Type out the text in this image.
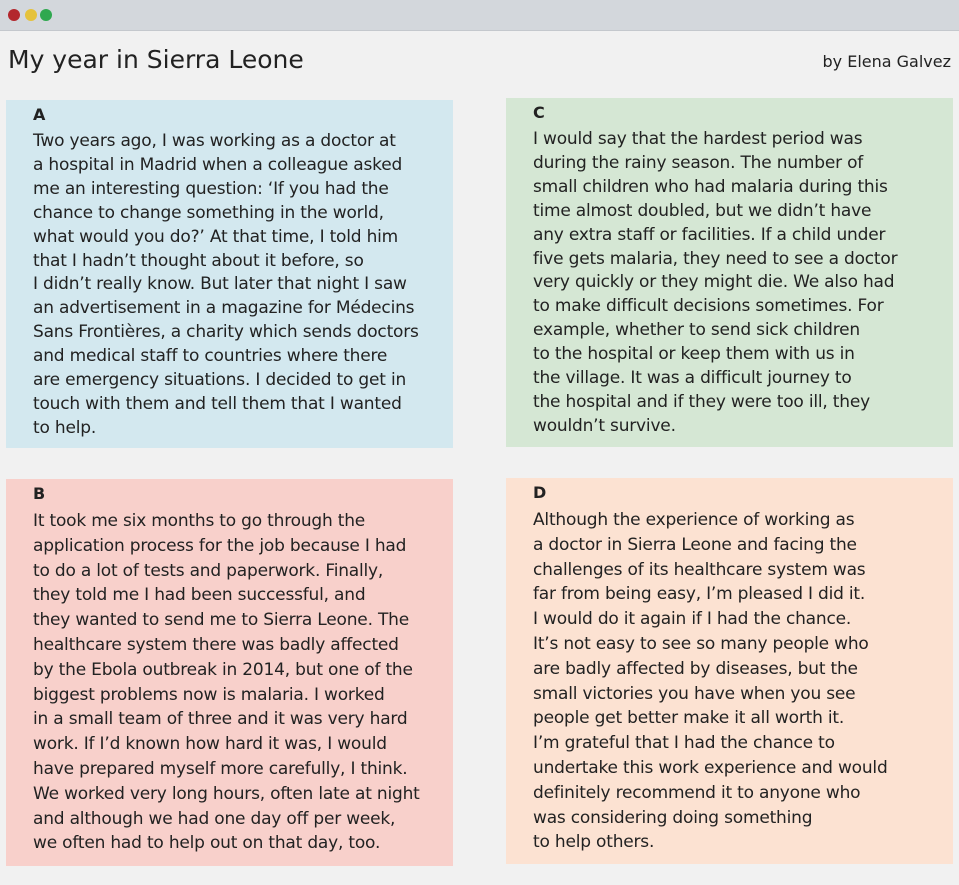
My year in Sierra Leone	by Elena Galvez
A

Two years ago, I was working as a doctor at
a hospital in Madrid when a colleague asked
me an interesting question: ‘If you had the
chance to change something in the world,
what would you do?’ At that time, I told him
that I hadn’t thought about it before, so
I didn’t really know. But later that night I saw
an advertisement in a magazine for Médecins
Sans Frontières, a charity which sends doctors
and medical staff to countries where there
are emergency situations. I decided to get in
touch with them and tell them that I wanted
to help.

C

I would say that the hardest period was
during the rainy season. The number of
small children who had malaria during this
time almost doubled, but we didn’t have
any extra staff or facilities. If a child under
five gets malaria, they need to see a doctor
very quickly or they might die. We also had
to make difficult decisions sometimes. For
example, whether to send sick children
to the hospital or keep them with us in
the village. It was a difficult journey to
the hospital and if they were too ill, they
wouldn’t survive.

B

It took me six months to go through the
application process for the job because I had
to do a lot of tests and paperwork. Finally,
they told me I had been successful, and
they wanted to send me to Sierra Leone. The
healthcare system there was badly affected
by the Ebola outbreak in 2014, but one of the
biggest problems now is malaria. I worked
in a small team of three and it was very hard
work. If I’d known how hard it was, I would
have prepared myself more carefully, I think.
We worked very long hours, often late at night
and although we had one day off per week,
we often had to help out on that day, too.

D

Although the experience of working as
a doctor in Sierra Leone and facing the
challenges of its healthcare system was
far from being easy, I’m pleased I did it.
I would do it again if I had the chance.
It’s not easy to see so many people who
are badly affected by diseases, but the
small victories you have when you see
people get better make it all worth it.
I’m grateful that I had the chance to
undertake this work experience and would
definitely recommend it to anyone who
was considering doing something
to help others.
